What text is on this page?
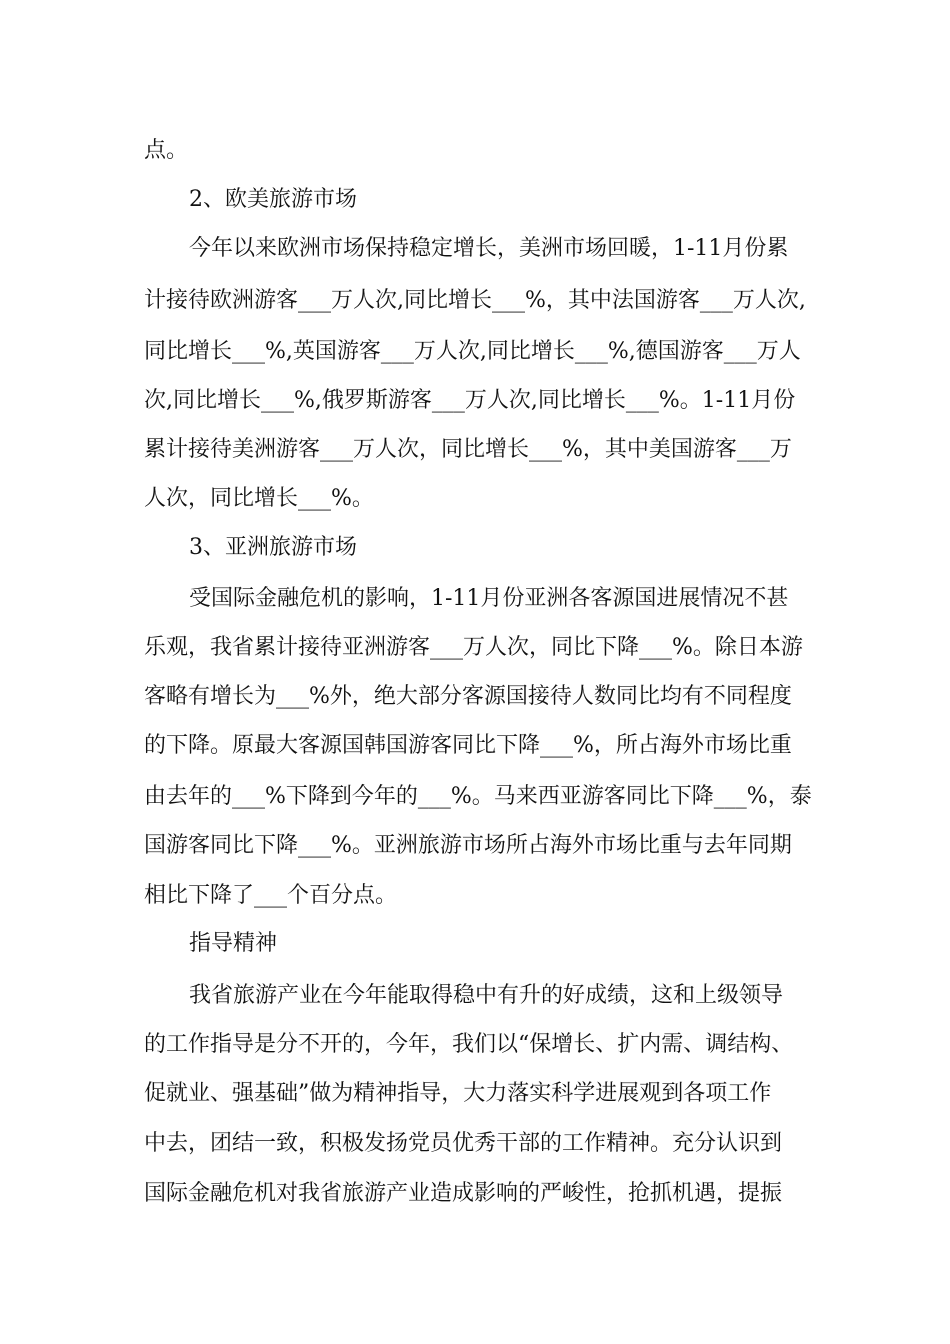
点。
2、欧美旅游市场
今年以来欧洲市场保持稳定增长，美洲市场回暖，1-11月份累
计接待欧洲游客___万人次,同比增长___%，其中法国游客___万人次,
同比增长___%,英国游客___万人次,同比增长___%,德国游客___万人
次,同比增长___%,俄罗斯游客___万人次,同比增长___%。1-11月份
累计接待美洲游客___万人次，同比增长___%，其中美国游客___万
人次，同比增长___%。
3、亚洲旅游市场
受国际金融危机的影响，1-11月份亚洲各客源国进展情况不甚
乐观，我省累计接待亚洲游客___万人次，同比下降___%。除日本游
客略有增长为___%外，绝大部分客源国接待人数同比均有不同程度
的下降。原最大客源国韩国游客同比下降___%，所占海外市场比重
由去年的___%下降到今年的___%。马来西亚游客同比下降___%，泰
国游客同比下降___%。亚洲旅游市场所占海外市场比重与去年同期
相比下降了___个百分点。
指导精神
我省旅游产业在今年能取得稳中有升的好成绩，这和上级领导
的工作指导是分不开的，今年，我们以“保增长、扩内需、调结构、
促就业、强基础”做为精神指导，大力落实科学进展观到各项工作
中去，团结一致，积极发扬党员优秀干部的工作精神。充分认识到
国际金融危机对我省旅游产业造成影响的严峻性，抢抓机遇，提振
